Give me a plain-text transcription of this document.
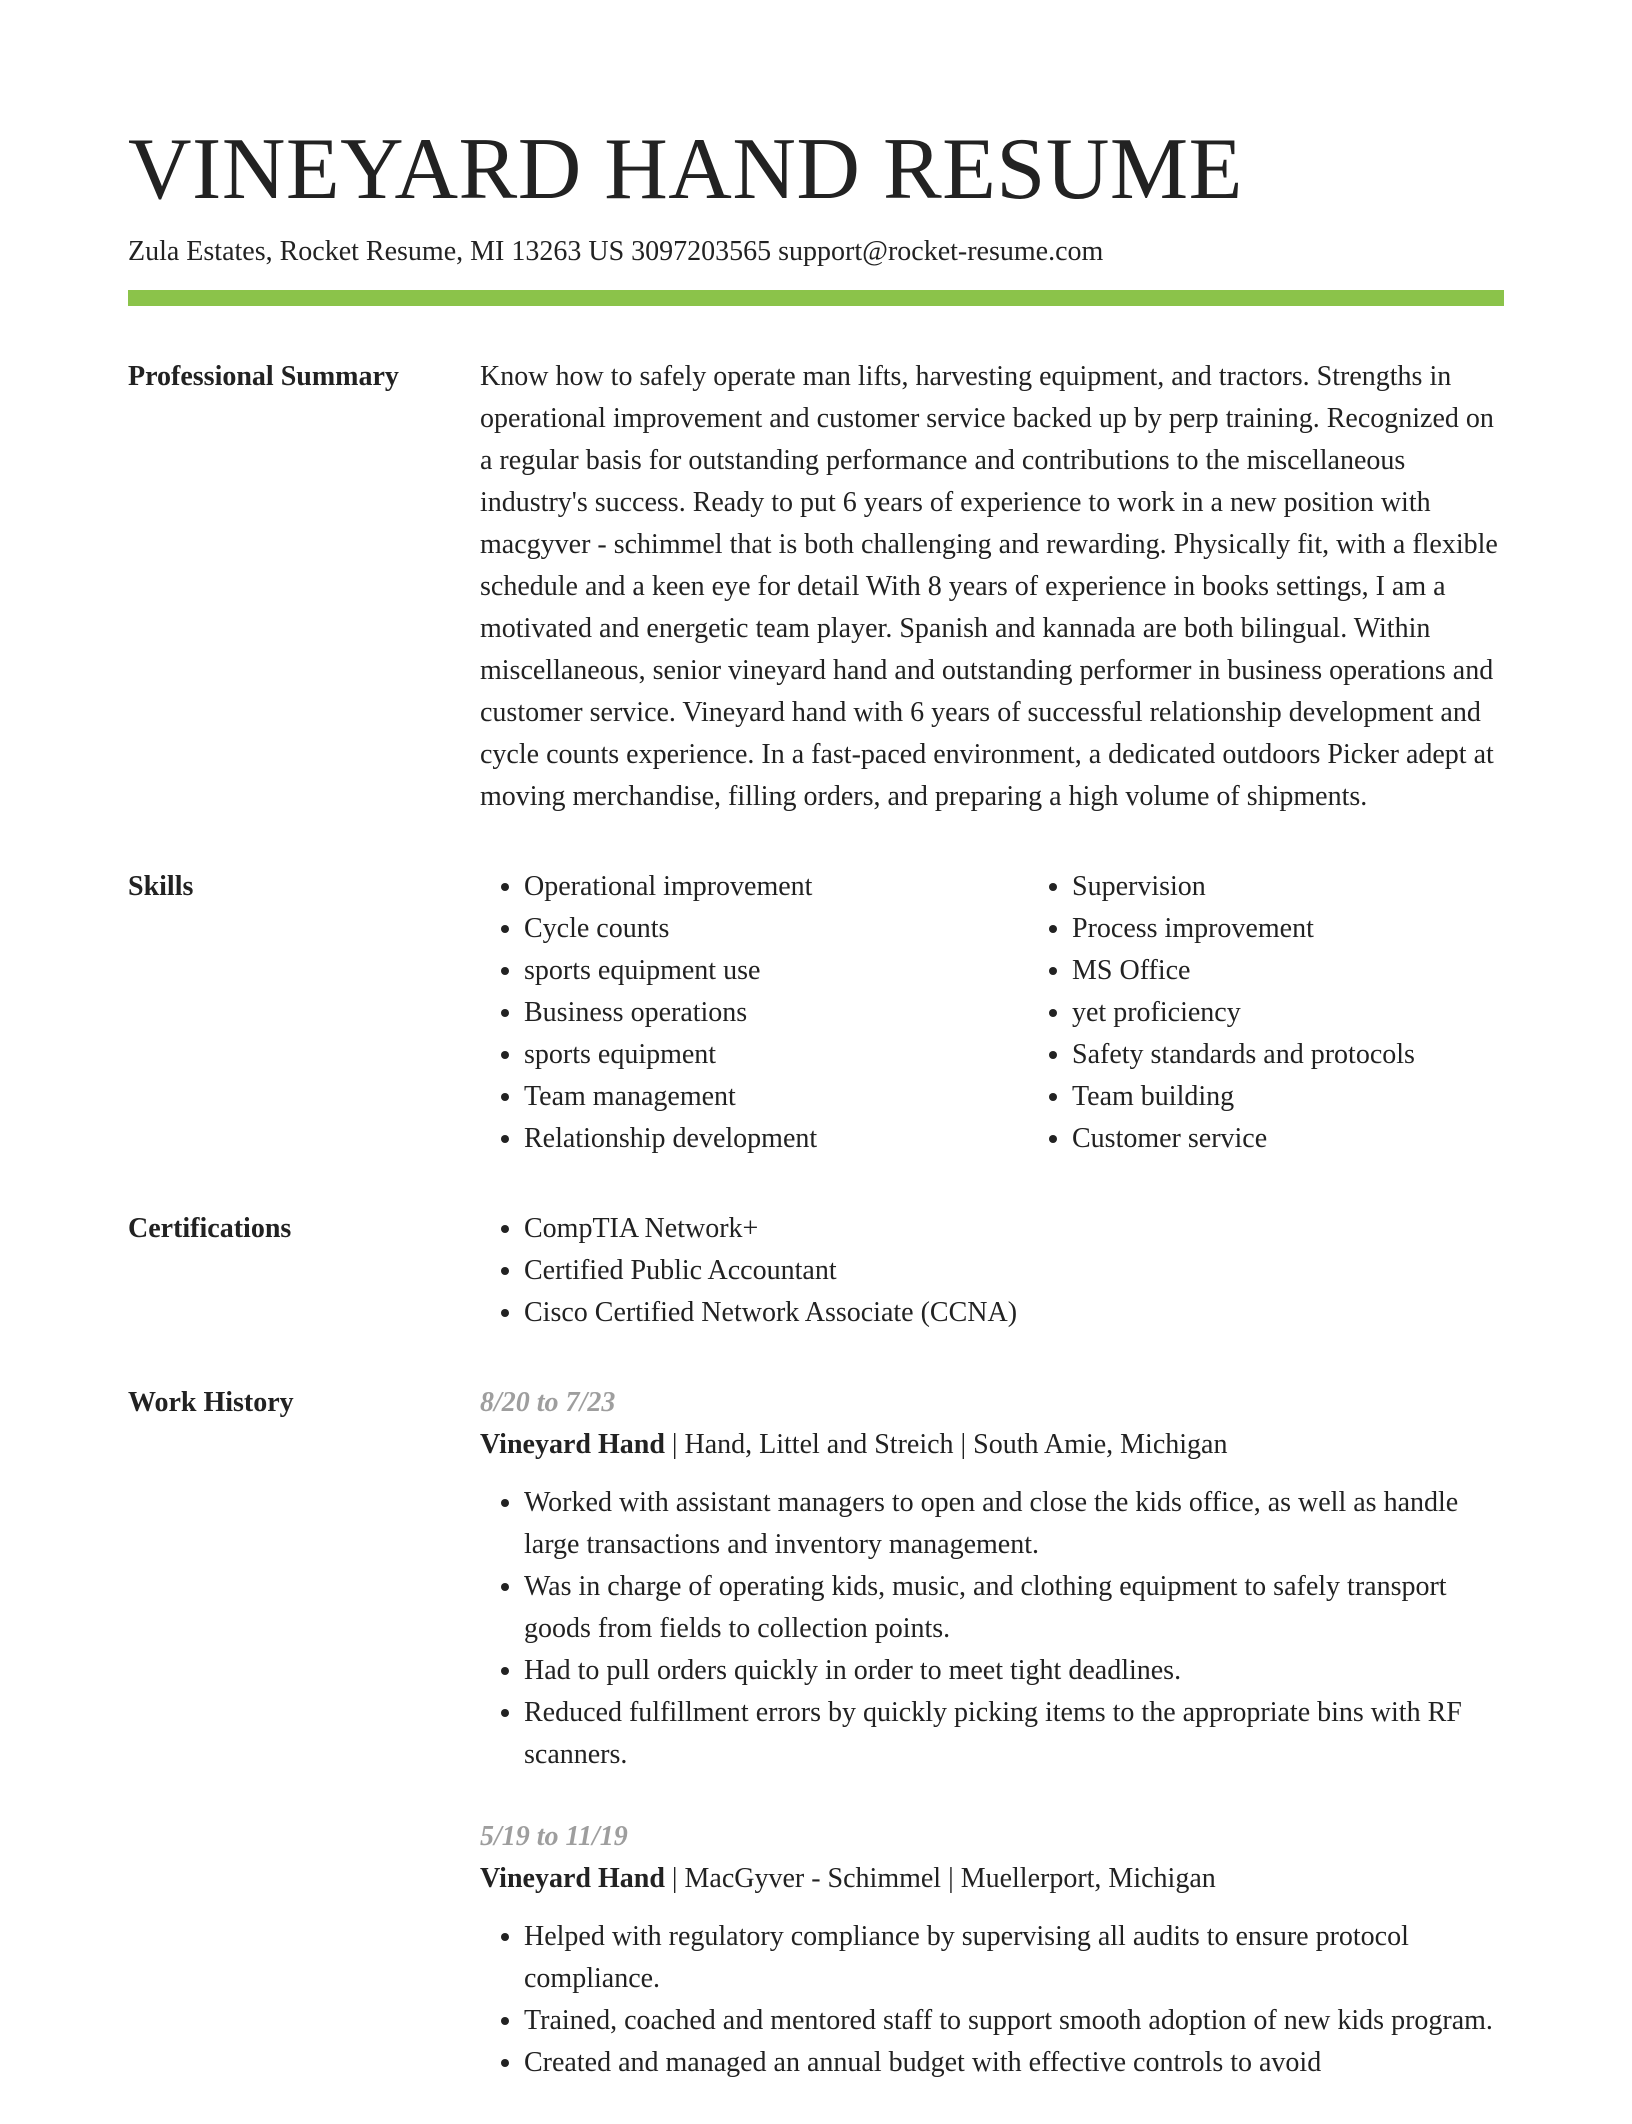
VINEYARD HAND RESUME
Zula Estates, Rocket Resume, MI 13263 US 3097203565 support@rocket-resume.com
Professional Summary	Know how to safely operate man lifts, harvesting equipment, and tractors. Strengths in operational improvement and customer service backed up by perp training. Recognized on a regular basis for outstanding performance and contributions to the miscellaneous industry's success. Ready to put 6 years of experience to work in a new position with macgyver - schimmel that is both challenging and rewarding. Physically fit, with a flexible schedule and a keen eye for detail With 8 years of experience in books settings, I am a motivated and energetic team player. Spanish and kannada are both bilingual. Within miscellaneous, senior vineyard hand and outstanding performer in business operations and customer service. Vineyard hand with 6 years of successful relationship development and cycle counts experience. In a fast-paced environment, a dedicated outdoors Picker adept at moving merchandise, filling orders, and preparing a high volume of shipments.

Skills	• Operational improvement
• Cycle counts
• sports equipment use
• Business operations
• sports equipment
• Team management
• Relationship development
• Supervision
• Process improvement
• MS Office
• yet proficiency
• Safety standards and protocols
• Team building
• Customer service
Certifications	• CompTIA Network+
• Certified Public Accountant
• Cisco Certified Network Associate (CCNA)
Work History	8/20 to 7/23
Vineyard Hand | Hand, Littel and Streich | South Amie, Michigan
• Worked with assistant managers to open and close the kids office, as well as handle large transactions and inventory management.
• Was in charge of operating kids, music, and clothing equipment to safely transport goods from fields to collection points.
• Had to pull orders quickly in order to meet tight deadlines.
• Reduced fulfillment errors by quickly picking items to the appropriate bins with RF scanners.
5/19 to 11/19
Vineyard Hand | MacGyver - Schimmel | Muellerport, Michigan
• Helped with regulatory compliance by supervising all audits to ensure protocol compliance.
• Trained, coached and mentored staff to support smooth adoption of new kids program.
• Created and managed an annual budget with effective controls to avoid
